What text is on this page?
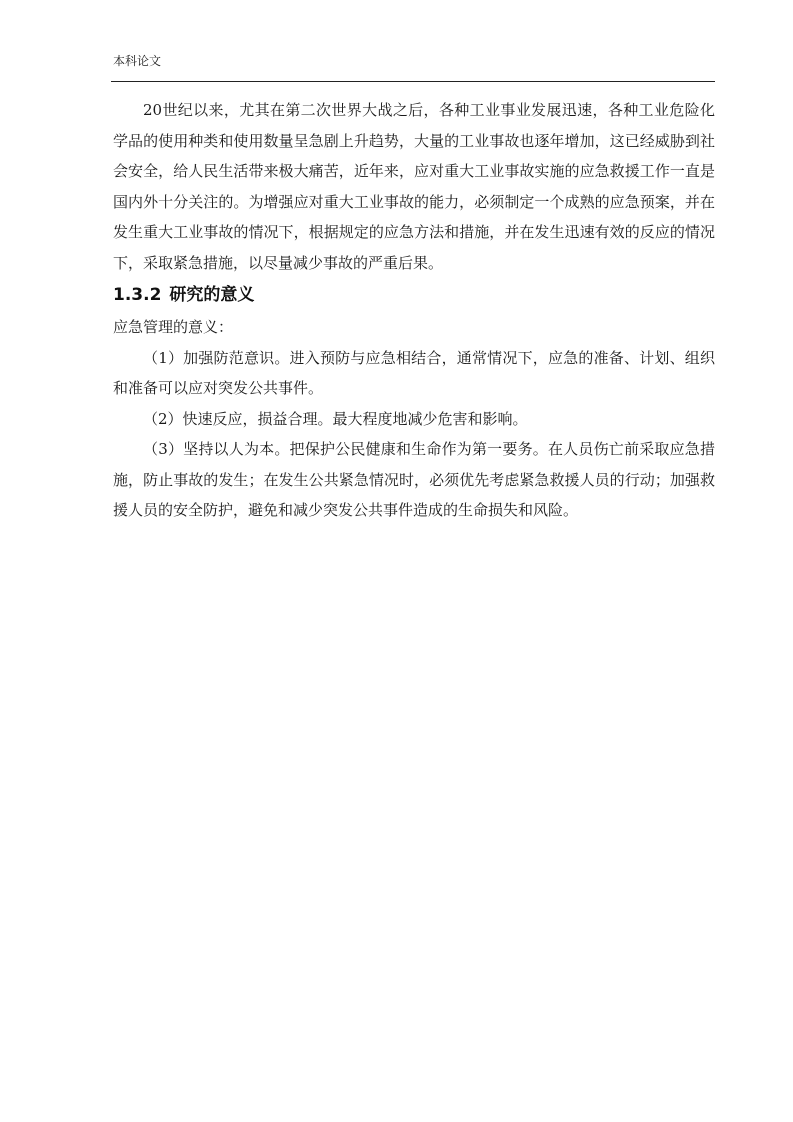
本科论文

20世纪以来，尤其在第二次世界大战之后，各种工业事业发展迅速，各种工业危险化学品的使用种类和使用数量呈急剧上升趋势，大量的工业事故也逐年增加，这已经威胁到社会安全，给人民生活带来极大痛苦，近年来，应对重大工业事故实施的应急救援工作一直是国内外十分关注的。为增强应对重大工业事故的能力，必须制定一个成熟的应急预案，并在发生重大工业事故的情况下，根据规定的应急方法和措施，并在发生迅速有效的反应的情况下，采取紧急措施，以尽量减少事故的严重后果。

1.3.2 研究的意义

应急管理的意义：

（1）加强防范意识。进入预防与应急相结合，通常情况下，应急的准备、计划、组织和准备可以应对突发公共事件。

（2）快速反应，损益合理。最大程度地减少危害和影响。

（3）坚持以人为本。把保护公民健康和生命作为第一要务。在人员伤亡前采取应急措施，防止事故的发生；在发生公共紧急情况时，必须优先考虑紧急救援人员的行动；加强救援人员的安全防护，避免和减少突发公共事件造成的生命损失和风险。
